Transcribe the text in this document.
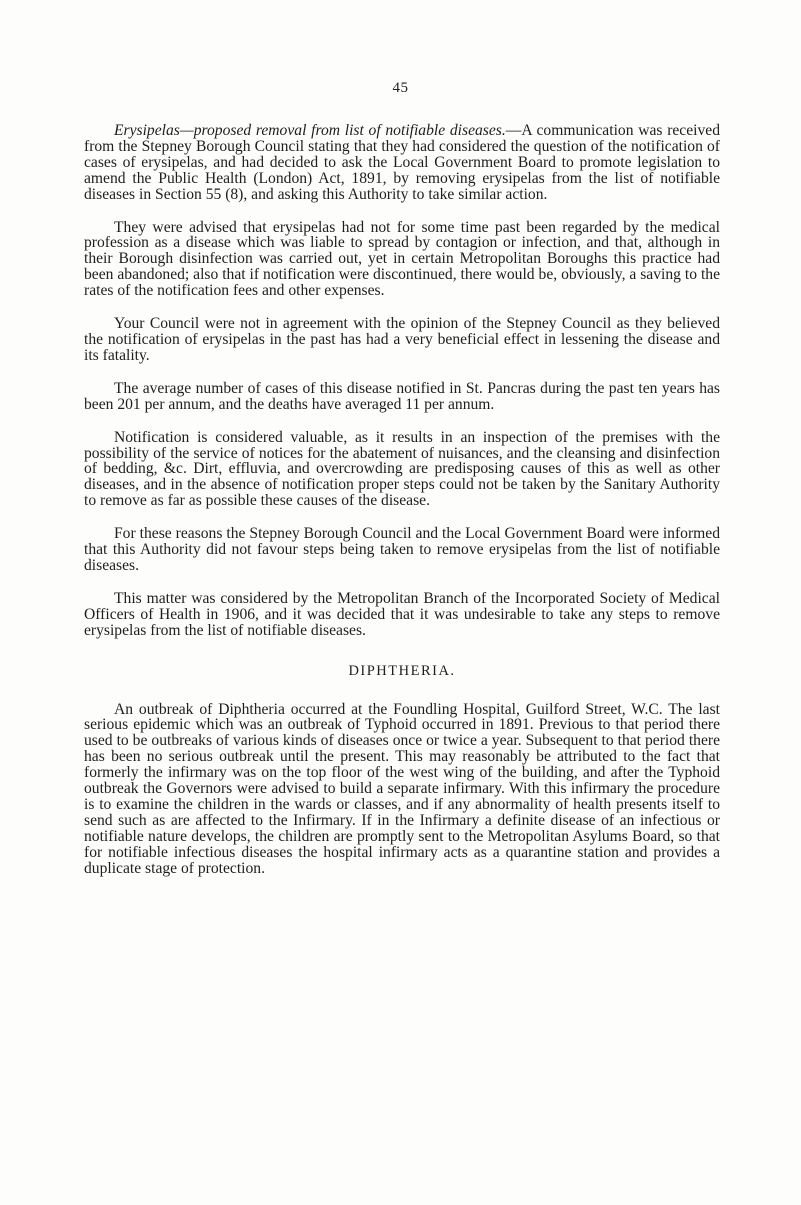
45

Erysipelas—proposed removal from list of notifiable diseases.—A communication was received from the Stepney Borough Council stating that they had considered the question of the notification of cases of erysipelas, and had decided to ask the Local Government Board to promote legislation to amend the Public Health (London) Act, 1891, by removing erysipelas from the list of notifiable diseases in Section 55 (8), and asking this Authority to take similar action.

They were advised that erysipelas had not for some time past been regarded by the medical profession as a disease which was liable to spread by contagion or infection, and that, although in their Borough disinfection was carried out, yet in certain Metropolitan Boroughs this practice had been abandoned; also that if notification were discontinued, there would be, obviously, a saving to the rates of the notification fees and other expenses.

Your Council were not in agreement with the opinion of the Stepney Council as they believed the notification of erysipelas in the past has had a very beneficial effect in lessening the disease and its fatality.

The average number of cases of this disease notified in St. Pancras during the past ten years has been 201 per annum, and the deaths have averaged 11 per annum.

Notification is considered valuable, as it results in an inspection of the premises with the possibility of the service of notices for the abatement of nuisances, and the cleansing and disinfection of bedding, &c. Dirt, effluvia, and overcrowding are predisposing causes of this as well as other diseases, and in the absence of notification proper steps could not be taken by the Sanitary Authority to remove as far as possible these causes of the disease.

For these reasons the Stepney Borough Council and the Local Government Board were informed that this Authority did not favour steps being taken to remove erysipelas from the list of notifiable diseases.

This matter was considered by the Metropolitan Branch of the Incorporated Society of Medical Officers of Health in 1906, and it was decided that it was undesirable to take any steps to remove erysipelas from the list of notifiable diseases.

DIPHTHERIA.

An outbreak of Diphtheria occurred at the Foundling Hospital, Guilford Street, W.C. The last serious epidemic which was an outbreak of Typhoid occurred in 1891. Previous to that period there used to be outbreaks of various kinds of diseases once or twice a year. Subsequent to that period there has been no serious outbreak until the present. This may reasonably be attributed to the fact that formerly the infirmary was on the top floor of the west wing of the building, and after the Typhoid outbreak the Governors were advised to build a separate infirmary. With this infirmary the procedure is to examine the children in the wards or classes, and if any abnormality of health presents itself to send such as are affected to the Infirmary. If in the Infirmary a definite disease of an infectious or notifiable nature develops, the children are promptly sent to the Metropolitan Asylums Board, so that for notifiable infectious diseases the hospital infirmary acts as a quarantine station and provides a duplicate stage of protection.
